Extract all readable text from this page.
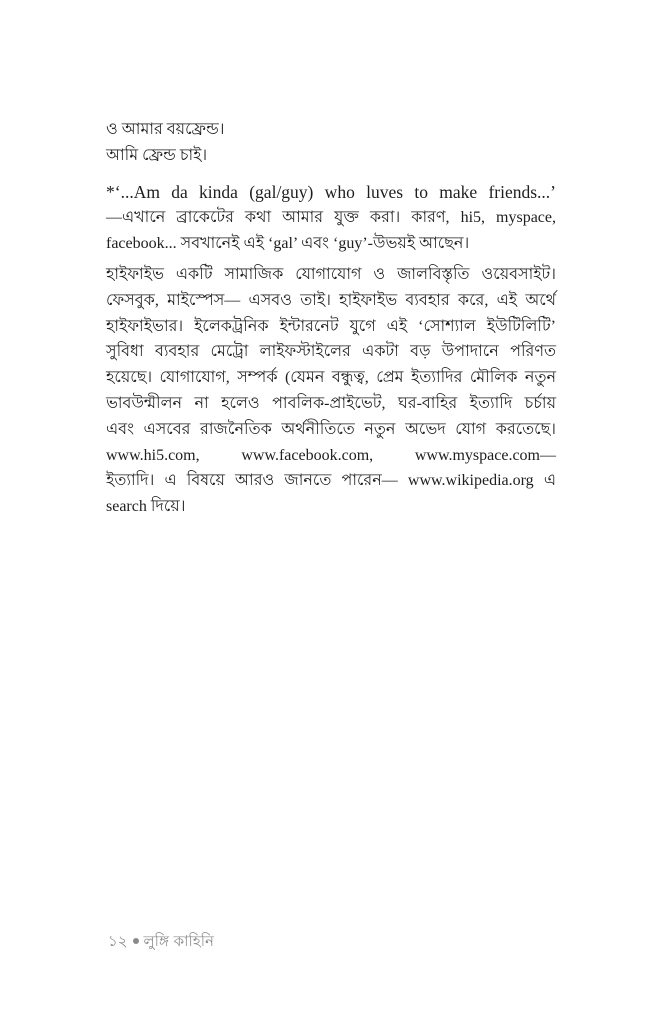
ও আমার বয়ফ্রেন্ড।
আমি ফ্রেন্ড চাই।
*‘...Am da kinda (gal/guy) who luves to make friends...’
—এখানে ব্রাকেটের কথা আমার যুক্ত করা। কারণ, hi5, myspace,
facebook... সবখানেই এই ‘gal’ এবং ‘guy’-উভয়ই আছেন।
হাইফাইভ একটি সামাজিক যোগাযোগ ও জালবিস্তৃতি ওয়েবসাইট।
ফেসবুক, মাইস্পেস— এসবও তাই। হাইফাইভ ব্যবহার করে, এই অর্থে
হাইফাইভার। ইলেকট্রনিক ইন্টারনেট যুগে এই ‘সোশ্যাল ইউটিলিটি’
সুবিধা ব্যবহার মেট্রো লাইফস্টাইলের একটা বড় উপাদানে পরিণত
হয়েছে। যোগাযোগ, সম্পর্ক (যেমন বন্ধুত্ব, প্রেম ইত্যাদির মৌলিক নতুন
ভাবউন্মীলন না হলেও পাবলিক-প্রাইভেট, ঘর-বাহির ইত্যাদি চর্চায়
এবং এসবের রাজনৈতিক অর্থনীতিতে নতুন অভেদ যোগ করতেছে।
www.hi5.com, www.facebook.com, www.myspace.com—
ইত্যাদি। এ বিষয়ে আরও জানতে পারেন— www.wikipedia.org এ
search দিয়ে।
১২ লুঙ্গি কাহিনি
